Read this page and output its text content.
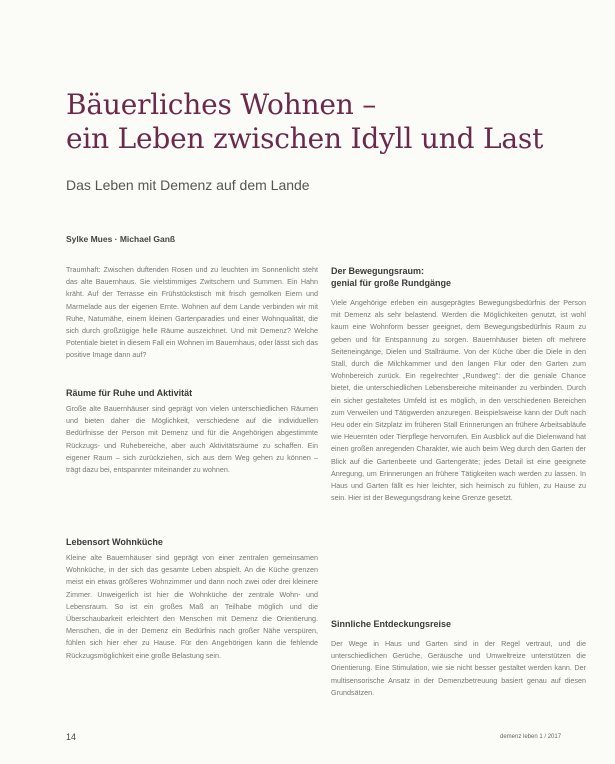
Bäuerliches Wohnen –
ein Leben zwischen Idyll und Last
Das Leben mit Demenz auf dem Lande
Sylke Mues · Michael Ganß

Traumhaft: Zwischen duftenden Rosen und zu leuchten im Sonnenlicht steht das alte Bauernhaus. Sie vielstimmiges Zwitschern und Summen. Ein Hahn kräht. Auf der Terrasse ein Frühstückstisch mit frisch gemolken Eiern und Marmelade aus der eigenen Ernte. Wohnen auf dem Lande verbinden wir mit Ruhe, Naturnähe, einem kleinen Gartenparadies und einer Wohnqualität, die sich durch großzügige helle Räume auszeichnet. Und mit Demenz? Welche Potentiale bietet in diesem Fall ein Wohnen im Bauernhaus, oder lässt sich das positive Image dann auf?

Räume für Ruhe und Aktivität

Große alte Bauernhäuser sind geprägt von vielen unterschiedlichen Räumen und bieten daher die Möglichkeit, verschiedene auf die individuellen Bedürfnisse der Person mit Demenz und für die Angehörigen abgestimmte Rückzugs- und Ruhebereiche, aber auch Aktivitätsräume zu schaffen. Ein eigener Raum – sich zurückziehen, sich aus dem Weg gehen zu können – trägt dazu bei, entspannter miteinander zu wohnen.

Lebensort Wohnküche

Kleine alte Bauernhäuser sind geprägt von einer zentralen gemeinsamen Wohnküche, in der sich das gesamte Leben abspielt. An die Küche grenzen meist ein etwas größeres Wohnzimmer und dann noch zwei oder drei kleinere Zimmer. Unweigerlich ist hier die Wohnküche der zentrale Wohn- und Lebensraum. So ist ein großes Maß an Teilhabe möglich und die Überschaubarkeit erleichtert den Menschen mit Demenz die Orientierung. Menschen, die in der Demenz ein Bedürfnis nach großer Nähe verspüren, fühlen sich hier eher zu Hause. Für den Angehörigen kann die fehlende Rückzugsmöglichkeit eine große Belastung sein.

Der Bewegungsraum:
genial für große Rundgänge

Viele Angehörige erleben ein ausgeprägtes Bewegungsbedürfnis der Person mit Demenz als sehr belastend. Werden die Möglichkeiten genutzt, ist wohl kaum eine Wohnform besser geeignet, dem Bewegungsbedürfnis Raum zu geben und für Entspannung zu sorgen. Bauernhäuser bieten oft mehrere Seiteneingänge, Dielen und Stallräume. Von der Küche über die Diele in den Stall, durch die Milchkammer und den langen Flur oder den Garten zum Wohnbereich zurück. Ein regelrechter „Rundweg": der die geniale Chance bietet, die unterschiedlichen Lebensbereiche miteinander zu verbinden. Durch ein sicher gestaltetes Umfeld ist es möglich, in den verschiedenen Bereichen zum Verweilen und Tätigwerden anzuregen. Beispielsweise kann der Duft nach Heu oder ein Sitzplatz im früheren Stall Erinnerungen an frühere Arbeitsabläufe wie Heuernten oder Tierpflege hervorrufen. Ein Ausblick auf die Dielenwand hat einen großen anregenden Charakter, wie auch beim Weg durch den Garten der Blick auf die Gartenbeete und Gartengeräte; jedes Detail ist eine geeignete Anregung, um Erinnerungen an frühere Tätigkeiten wach werden zu lassen. In Haus und Garten fällt es hier leichter, sich heimisch zu fühlen, zu Hause zu sein. Hier ist der Bewegungsdrang keine Grenze gesetzt.

Sinnliche Entdeckungsreise

Der Wege in Haus und Garten sind in der Regel vertraut, und die unterschiedlichen Gerüche, Geräusche und Umweltreize unterstützen die Orientierung. Eine Stimulation, wie sie nicht besser gestaltet werden kann. Der multisensorische Ansatz in der Demenzbetreuung basiert genau auf diesen Grundsätzen.

14	demenz leben 1 / 2017
